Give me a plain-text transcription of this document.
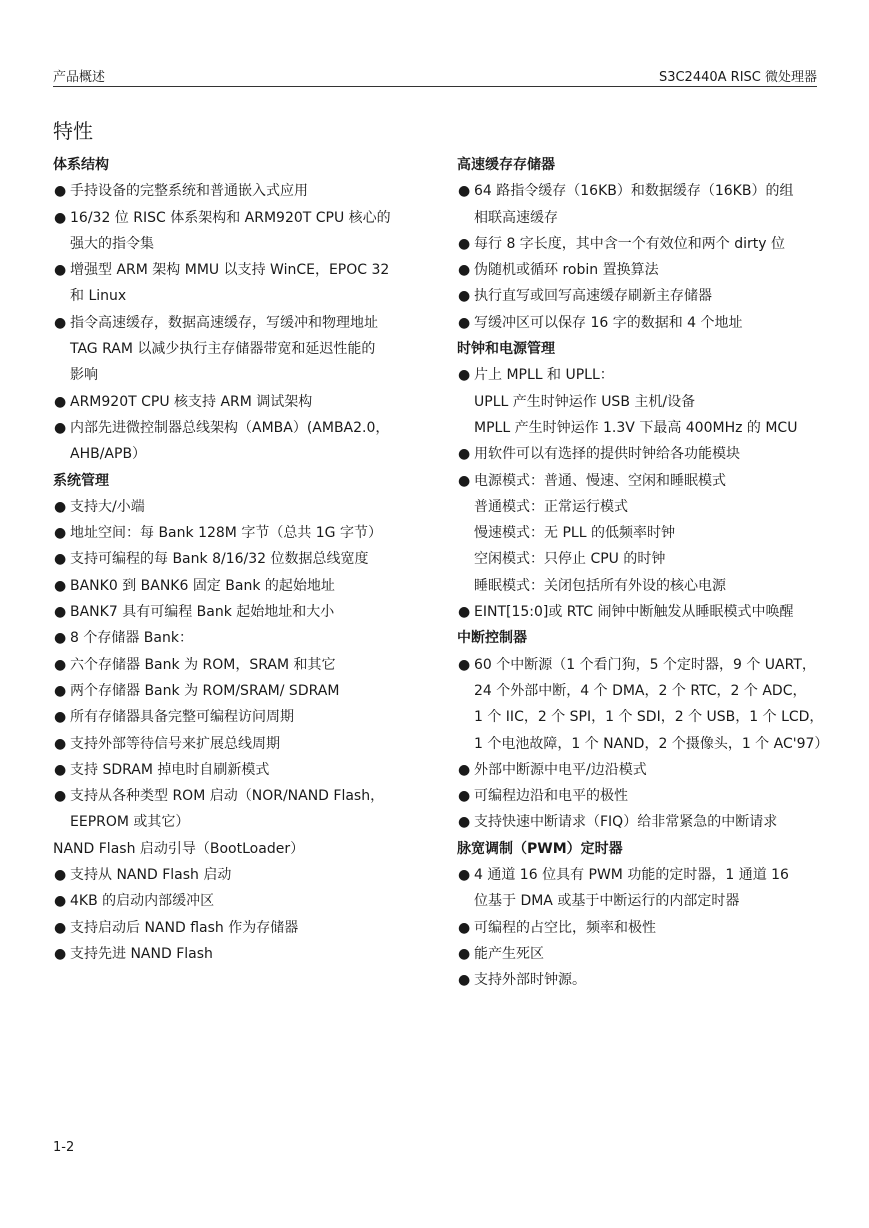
产品概述	S3C2440A RISC 微处理器
特性
体系结构
● 手持设备的完整系统和普通嵌入式应用
● 16/32 位 RISC 体系架构和 ARM920T CPU 核心的
强大的指令集
● 增强型 ARM 架构 MMU 以支持 WinCE，EPOC 32
和 Linux
● 指令高速缓存，数据高速缓存，写缓冲和物理地址
TAG RAM 以减少执行主存储器带宽和延迟性能的
影响
● ARM920T CPU 核支持 ARM 调试架构
● 内部先进微控制器总线架构（AMBA）(AMBA2.0，
AHB/APB）
系统管理
● 支持大/小端
● 地址空间：每 Bank 128M 字节（总共 1G 字节）
● 支持可编程的每 Bank 8/16/32 位数据总线宽度
● BANK0 到 BANK6 固定 Bank 的起始地址
● BANK7 具有可编程 Bank 起始地址和大小
● 8 个存储器 Bank：
● 六个存储器 Bank 为 ROM，SRAM 和其它
● 两个存储器 Bank 为 ROM/SRAM/ SDRAM
● 所有存储器具备完整可编程访问周期
● 支持外部等待信号来扩展总线周期
● 支持 SDRAM 掉电时自刷新模式
● 支持从各种类型 ROM 启动（NOR/NAND Flash，
EEPROM 或其它）
NAND Flash 启动引导（BootLoader）
● 支持从 NAND Flash 启动
● 4KB 的启动内部缓冲区
● 支持启动后 NAND flash 作为存储器
● 支持先进 NAND Flash
高速缓存存储器
● 64 路指令缓存（16KB）和数据缓存（16KB）的组
相联高速缓存
● 每行 8 字长度，其中含一个有效位和两个 dirty 位
● 伪随机或循环 robin 置换算法
● 执行直写或回写高速缓存刷新主存储器
● 写缓冲区可以保存 16 字的数据和 4 个地址
时钟和电源管理
● 片上 MPLL 和 UPLL：
UPLL 产生时钟运作 USB 主机/设备
MPLL 产生时钟运作 1.3V 下最高 400MHz 的 MCU
● 用软件可以有选择的提供时钟给各功能模块
● 电源模式：普通、慢速、空闲和睡眠模式
普通模式：正常运行模式
慢速模式：无 PLL 的低频率时钟
空闲模式：只停止 CPU 的时钟
睡眠模式：关闭包括所有外设的核心电源
● EINT[15:0]或 RTC 闹钟中断触发从睡眠模式中唤醒
中断控制器
● 60 个中断源（1 个看门狗，5 个定时器，9 个 UART，
24 个外部中断，4 个 DMA，2 个 RTC，2 个 ADC，
1 个 IIC，2 个 SPI，1 个 SDI，2 个 USB，1 个 LCD，
1 个电池故障，1 个 NAND，2 个摄像头，1 个 AC'97）
● 外部中断源中电平/边沿模式
● 可编程边沿和电平的极性
● 支持快速中断请求（FIQ）给非常紧急的中断请求
脉宽调制（PWM）定时器
● 4 通道 16 位具有 PWM 功能的定时器，1 通道 16
位基于 DMA 或基于中断运行的内部定时器
● 可编程的占空比，频率和极性
● 能产生死区
● 支持外部时钟源。
1-2
